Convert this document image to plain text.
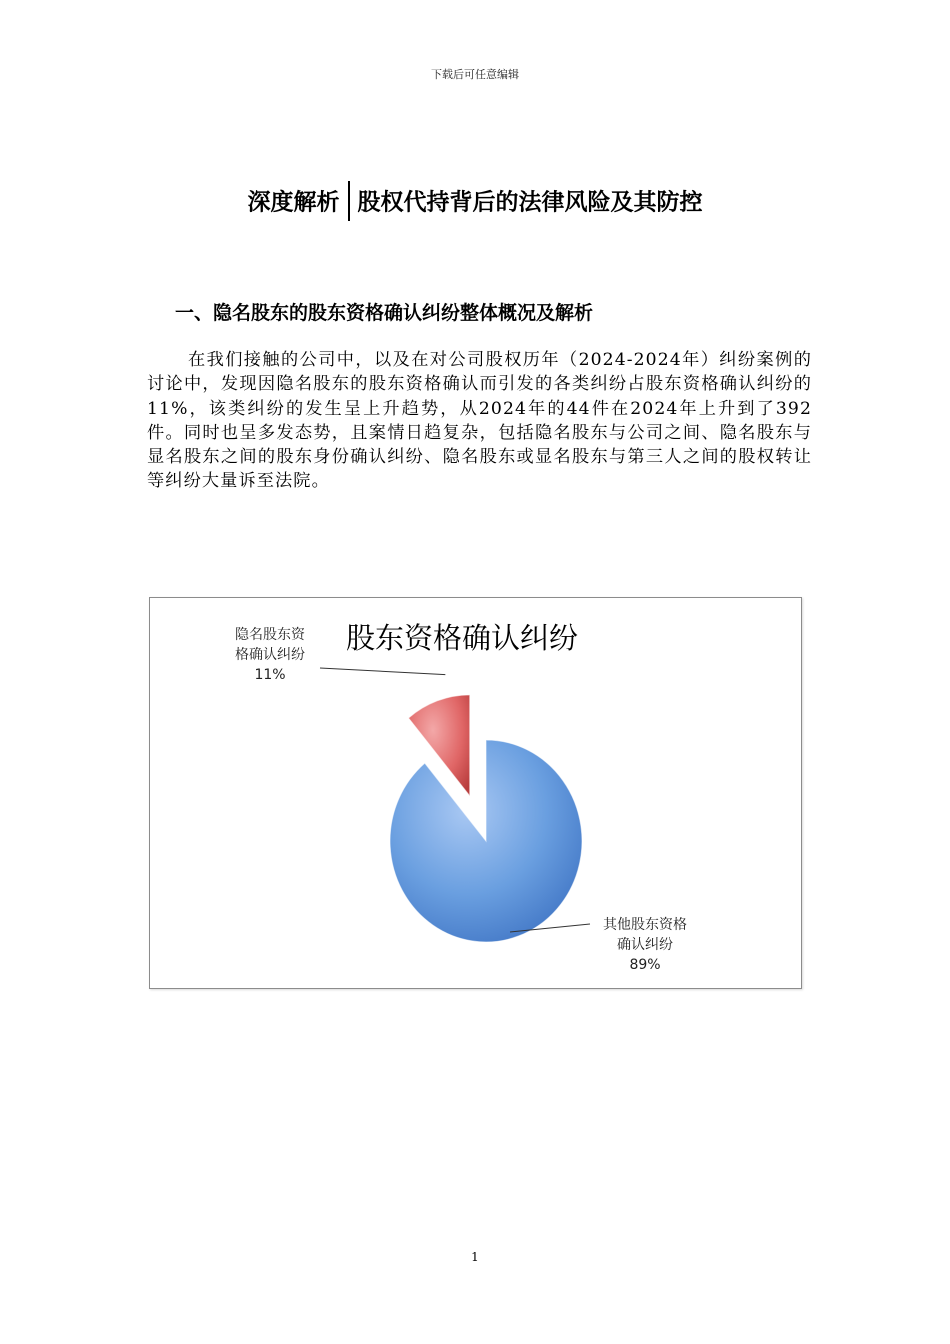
下载后可任意编辑
深度解析 股权代持背后的法律风险及其防控
一、隐名股东的股东资格确认纠纷整体概况及解析
在我们接触的公司中，以及在对公司股权历年（2024-2024年）纠纷案例的讨论中，发现因隐名股东的股东资格确认而引发的各类纠纷占股东资格确认纠纷的11%，该类纠纷的发生呈上升趋势，从2024年的44件在2024年上升到了392件。同时也呈多发态势，且案情日趋复杂，包括隐名股东与公司之间、隐名股东与显名股东之间的股东身份确认纠纷、隐名股东或显名股东与第三人之间的股权转让等纠纷大量诉至法院。
股东资格确认纠纷
隐名股东资
格确认纠纷
11%
其他股东资格
确认纠纷
89%
1
